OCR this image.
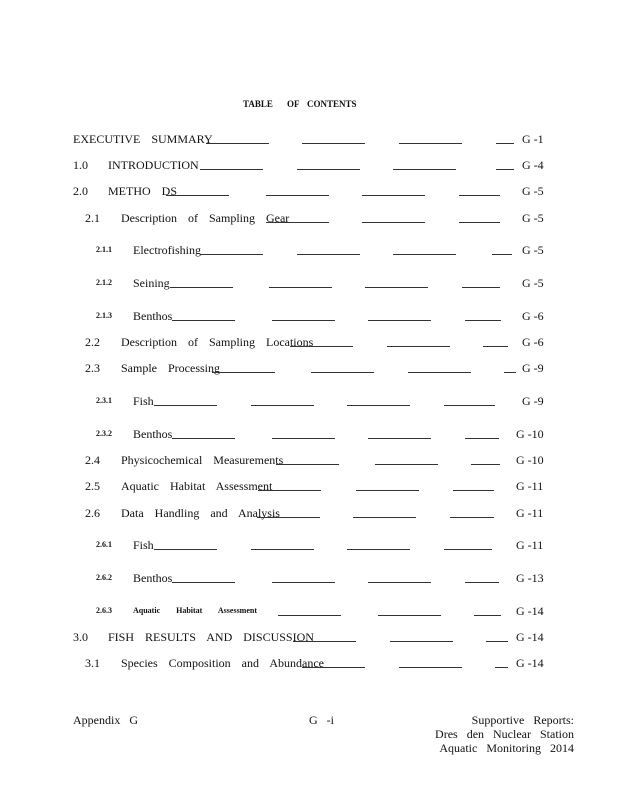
TABLE OF CONTENTS
EXECUTIVE SUMMARY	G -1
1.0 INTRODUCTION	G -4
2.0 METHO DS	G -5
2.1 Description of Sampling Gear	G -5
2.1.1 Electrofishing	G -5
2.1.2 Seining	G -5
2.1.3 Benthos	G -6
2.2 Description of Sampling Locations	G -6
2.3 Sample Processing	G -9
2.3.1 Fish	G -9
2.3.2 Benthos	G -10
2.4 Physicochemical Measurements	G -10
2.5 Aquatic Habitat Assessment	G -11
2.6 Data Handling and Analysis	G -11
2.6.1 Fish	G -11
2.6.2 Benthos	G -13
2.6.3	Aquatic Habitat Assessment	G -14
3.0 FISH RESULTS AND DISCUSSION	G -14
3.1 Species Composition and Abundance	G -14
Appendix G	G -i	Supportive Reports:
Dres den Nuclear Station
Aquatic Monitoring 2014
